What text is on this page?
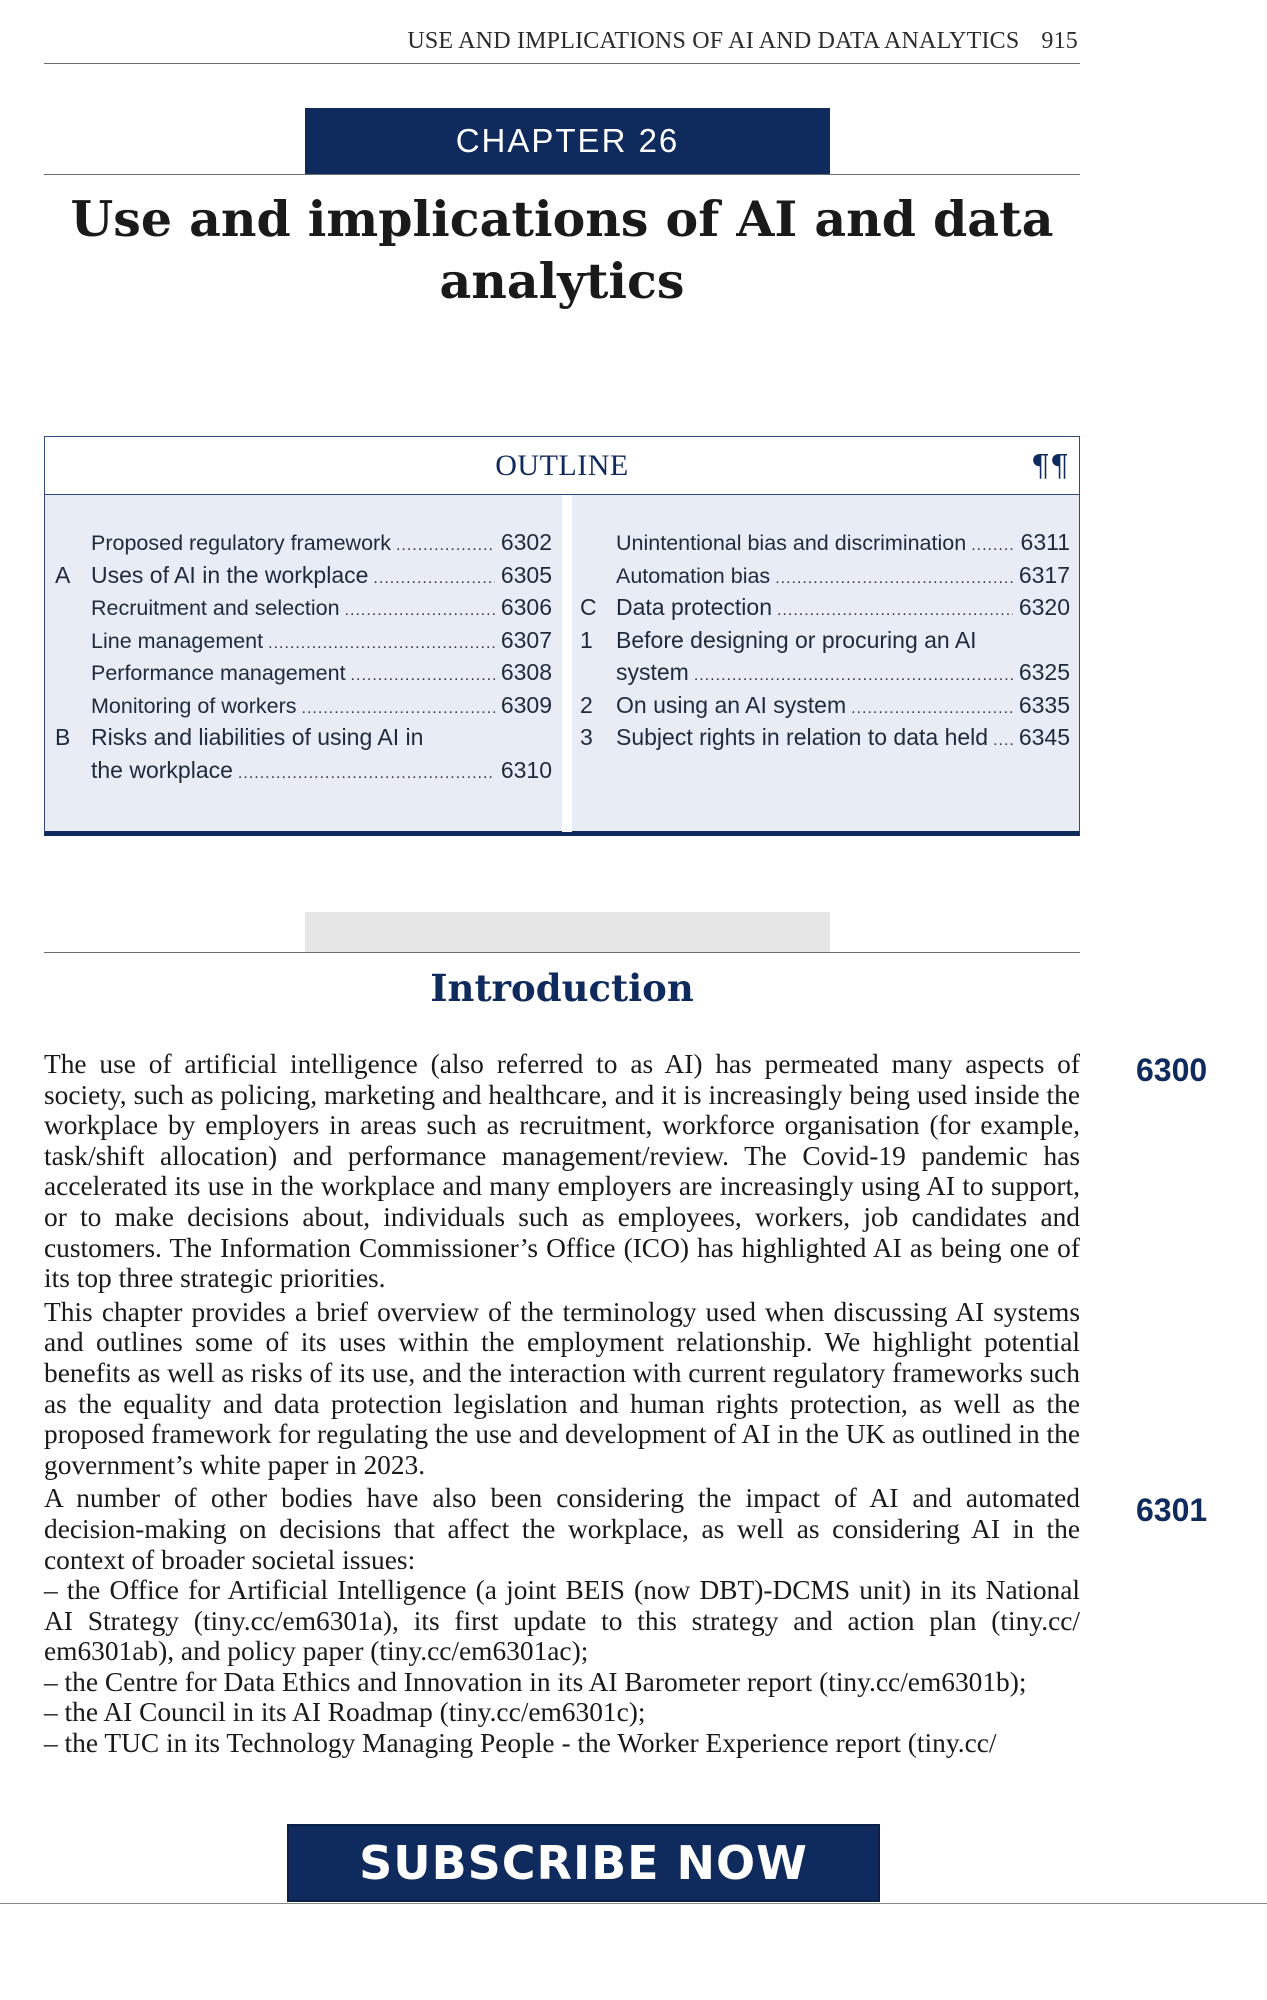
USE AND IMPLICATIONS OF AI AND DATA ANALYTICS 915
CHAPTER 26
Use and implications of AI and data
analytics
OUTLINE	¶¶
Proposed regulatory framework .....	6302
A Uses of AI in the workplace .....	6305
Recruitment and selection .....	6306
Line management .....	6307
Performance management .....	6308
Monitoring of workers .....	6309
B Risks and liabilities of using AI in
the workplace .....	6310
Unintentional bias and discrimination ..... 6311
Automation bias .....	6317
C Data protection .....	6320
1	Before designing or procuring an AI
system .....	6325
2	On using an AI system .....	6335
3	Subject rights in relation to data held ..... 6345
Introduction
6300
6301

The use of artificial intelligence (also referred to as AI) has permeated many aspects of society, such as policing, marketing and healthcare, and it is increasingly being used inside the workplace by employers in areas such as recruitment, workforce organisation (for example, task/shift allocation) and performance management/review. The Covid-19 pandemic has accelerated its use in the workplace and many employers are increasingly using AI to support, or to make decisions about, individuals such as employees, workers, job candidates and customers. The Information Commissioner’s Office (ICO) has highlighted AI as being one of its top three strategic priorities.

This chapter provides a brief overview of the terminology used when discussing AI systems and outlines some of its uses within the employment relationship. We highlight potential benefits as well as risks of its use, and the interaction with current regulatory frameworks such as the equality and data protection legislation and human rights protection, as well as the proposed framework for regulating the use and development of AI in the UK as outlined in the government’s white paper in 2023.

A number of other bodies have also been considering the impact of AI and automated decision-making on decisions that affect the workplace, as well as considering AI in the context of broader societal issues:

– the Office for Artificial Intelligence (a joint BEIS (now DBT)-DCMS unit) in its National AI Strategy (tiny.cc/em6301a), its first update to this strategy and action plan (tiny.cc/ em6301ab), and policy paper (tiny.cc/em6301ac);

– the Centre for Data Ethics and Innovation in its AI Barometer report (tiny.cc/em6301b);

– the AI Council in its AI Roadmap (tiny.cc/em6301c);

– the TUC in its Technology Managing People - the Worker Experience report (tiny.cc/

SUBSCRIBE NOW
